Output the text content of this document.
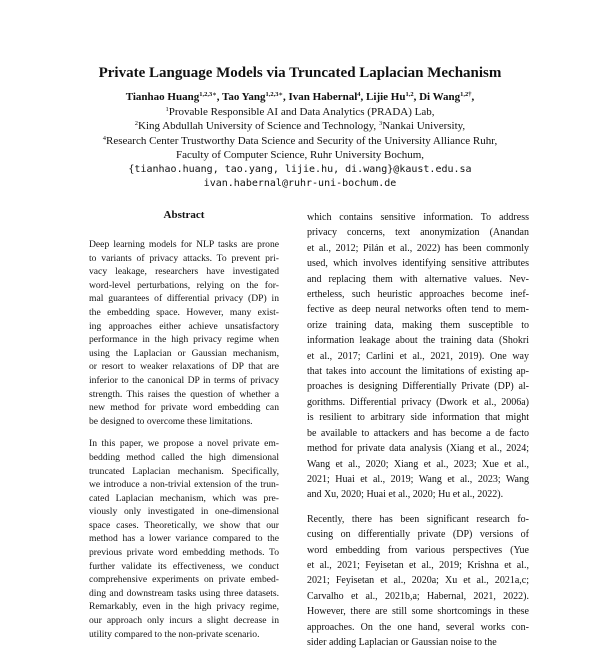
Private Language Models via Truncated Laplacian Mechanism
Tianhao Huang$^{1,2,3∗}$, Tao Yang$^{1,2,3∗}$, Ivan Habernal$^4$, Lijie Hu$^{1,2}$, Di Wang$^{1,2\dagger}$,
$^1$Provable Responsible AI and Data Analytics (PRADA) Lab,
$^2$King Abdullah University of Science and Technology, $^3$Nankai University,
$^4$Research Center Trustworthy Data Science and Security of the University Alliance Ruhr,
Faculty of Computer Science, Ruhr University Bochum,
{tianhao.huang, tao.yang, lijie.hu, di.wang}@kaust.edu.sa
ivan.habernal@ruhr-uni-bochum.de
Abstract
Deep learning models for NLP tasks are prone
to variants of privacy attacks. To prevent pri-
vacy leakage, researchers have investigated
word-level perturbations, relying on the for-
mal guarantees of differential privacy (DP) in
the embedding space. However, many exist-
ing approaches either achieve unsatisfactory
performance in the high privacy regime when
using the Laplacian or Gaussian mechanism,
or resort to weaker relaxations of DP that are
inferior to the canonical DP in terms of privacy
strength. This raises the question of whether a
new method for private word embedding can
be designed to overcome these limitations.
In this paper, we propose a novel private em-
bedding method called the high dimensional
truncated Laplacian mechanism. Specifically,
we introduce a non-trivial extension of the trun-
cated Laplacian mechanism, which was pre-
viously only investigated in one-dimensional
space cases. Theoretically, we show that our
method has a lower variance compared to the
previous private word embedding methods. To
further validate its effectiveness, we conduct
comprehensive experiments on private embed-
ding and downstream tasks using three datasets.
Remarkably, even in the high privacy regime,
our approach only incurs a slight decrease in
utility compared to the non-private scenario.
which contains sensitive information. To address
privacy concerns, text anonymization (Anandan
et al., 2012; Pilán et al., 2022) has been commonly
used, which involves identifying sensitive attributes
and replacing them with alternative values. Nev-
ertheless, such heuristic approaches become inef-
fective as deep neural networks often tend to mem-
orize training data, making them susceptible to
information leakage about the training data (Shokri
et al., 2017; Carlini et al., 2021, 2019). One way
that takes into account the limitations of existing ap-
proaches is designing Differentially Private (DP) al-
gorithms. Differential privacy (Dwork et al., 2006a)
is resilient to arbitrary side information that might
be available to attackers and has become a de facto
method for private data analysis (Xiang et al., 2024;
Wang et al., 2020; Xiang et al., 2023; Xue et al.,
2021; Huai et al., 2019; Wang et al., 2023; Wang
and Xu, 2020; Huai et al., 2020; Hu et al., 2022).
Recently, there has been significant research fo-
cusing on differentially private (DP) versions of
word embedding from various perspectives (Yue
et al., 2021; Feyisetan et al., 2019; Krishna et al.,
2021; Feyisetan et al., 2020a; Xu et al., 2021a,c;
Carvalho et al., 2021b,a; Habernal, 2021, 2022).
However, there are still some shortcomings in these
approaches. On the one hand, several works con-
sider adding Laplacian or Gaussian noise to the
